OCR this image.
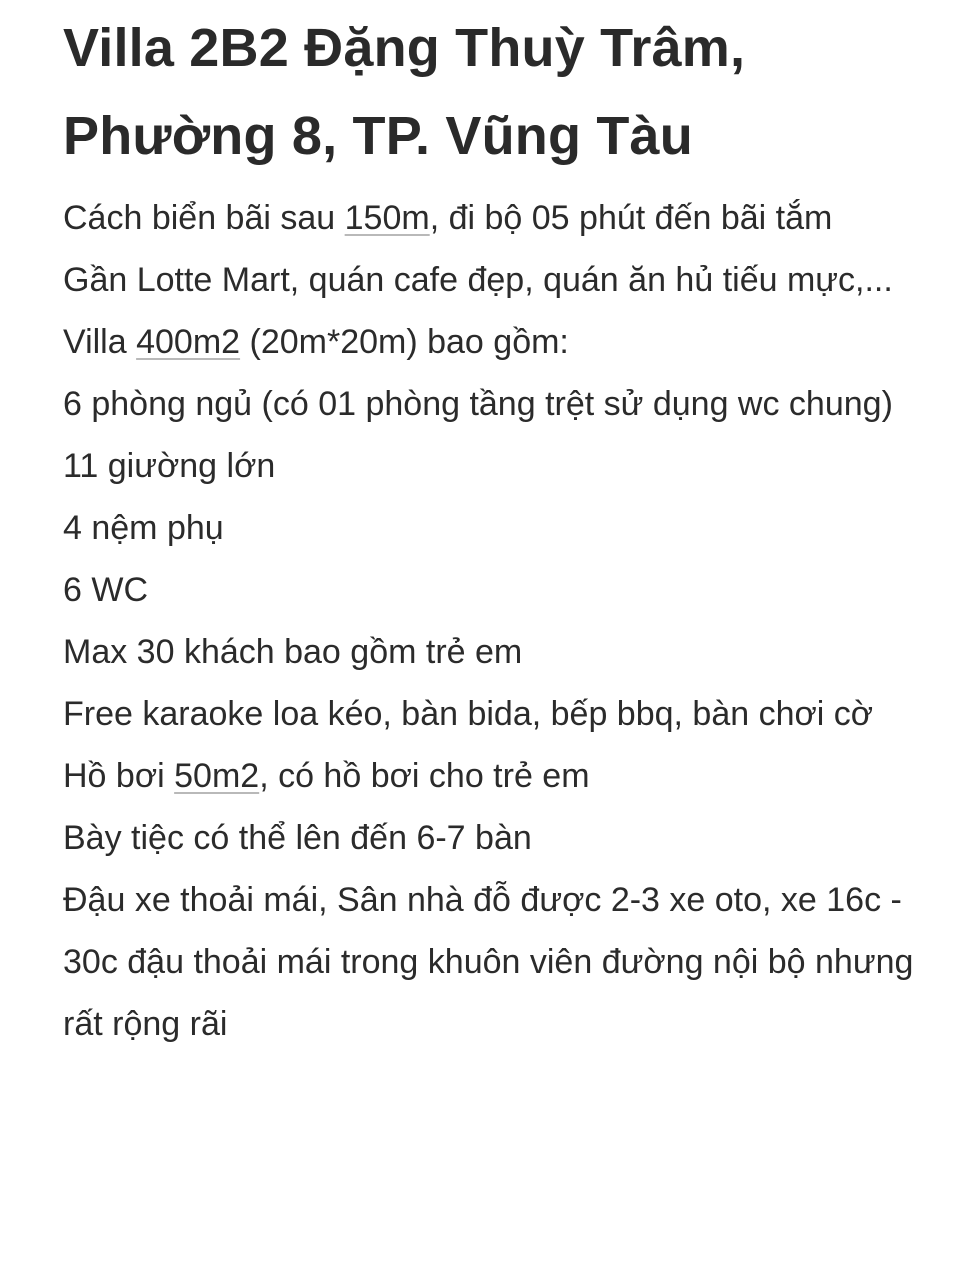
Villa 2B2 Đặng Thuỳ Trâm,
Phường 8, TP. Vũng Tàu
Cách biển bãi sau 150m, đi bộ 05 phút đến bãi tắm
Gần Lotte Mart, quán cafe đẹp, quán ăn hủ tiếu mực,...
Villa 400m2 (20m*20m) bao gồm:
6 phòng ngủ (có 01 phòng tầng trệt sử dụng wc chung)
11 giường lớn
4 nệm phụ
6 WC
Max 30 khách bao gồm trẻ em
Free karaoke loa kéo, bàn bida, bếp bbq, bàn chơi cờ
Hồ bơi 50m2, có hồ bơi cho trẻ em
Bày tiệc có thể lên đến 6-7 bàn
Đậu xe thoải mái, Sân nhà đỗ được 2-3 xe oto, xe 16c - 30c đậu thoải mái trong khuôn viên đường nội bộ nhưng rất rộng rãi
